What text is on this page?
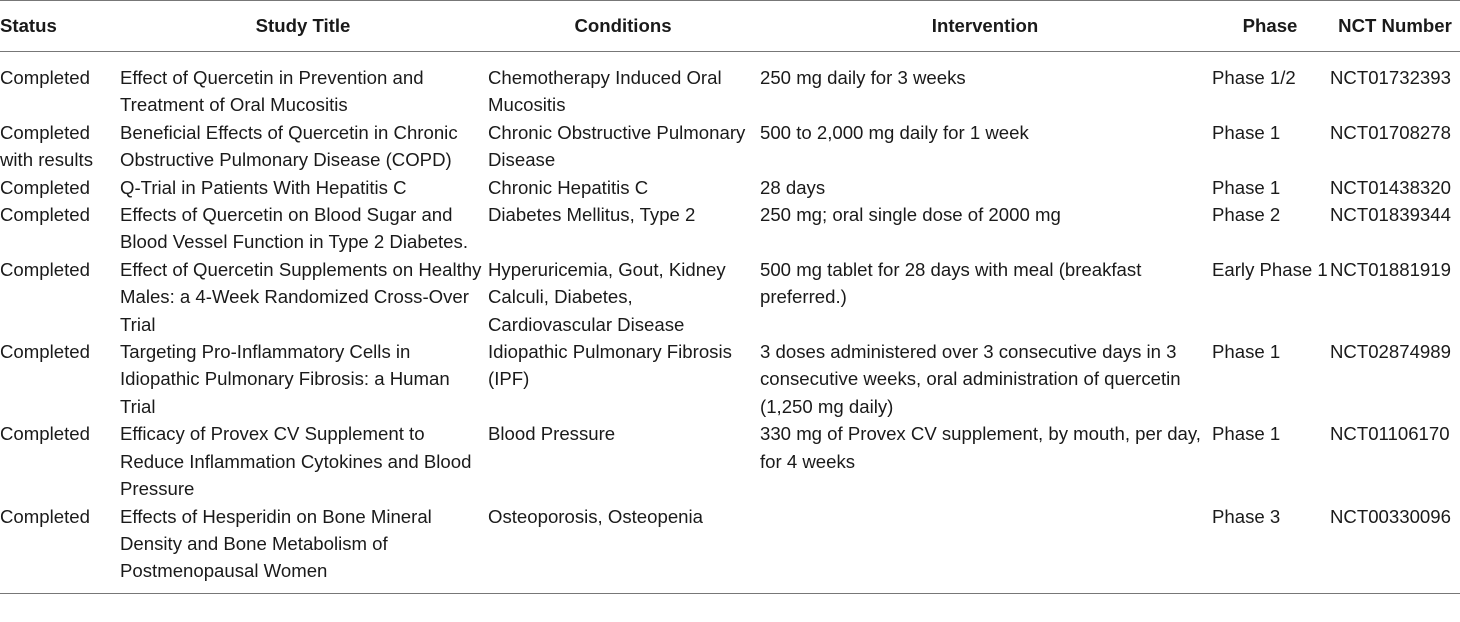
Status	Study Title	Conditions	Intervention	Phase	NCT Number
Completed	Effect of Quercetin in Prevention and Treatment of Oral Mucositis	Chemotherapy Induced Oral Mucositis	250 mg daily for 3 weeks	Phase 1/2	NCT01732393
Completed with results	Beneficial Effects of Quercetin in Chronic Obstructive Pulmonary Disease (COPD)	Chronic Obstructive Pulmonary Disease	500 to 2,000 mg daily for 1 week	Phase 1	NCT01708278
Completed	Q-Trial in Patients With Hepatitis C	Chronic Hepatitis C	28 days	Phase 1	NCT01438320
Completed	Effects of Quercetin on Blood Sugar and Blood Vessel Function in Type 2 Diabetes.	Diabetes Mellitus, Type 2	250 mg; oral single dose of 2000 mg	Phase 2	NCT01839344
Completed	Effect of Quercetin Supplements on Healthy Males: a 4-Week Randomized Cross-Over Trial	Hyperuricemia, Gout, Kidney Calculi, Diabetes, Cardiovascular Disease	500 mg tablet for 28 days with meal (breakfast preferred.)	Early Phase 1	NCT01881919
Completed	Targeting Pro-Inflammatory Cells in Idiopathic Pulmonary Fibrosis: a Human Trial	Idiopathic Pulmonary Fibrosis (IPF)	3 doses administered over 3 consecutive days in 3 consecutive weeks, oral administration of quercetin (1,250 mg daily)	Phase 1	NCT02874989
Completed	Efficacy of Provex CV Supplement to Reduce Inflammation Cytokines and Blood Pressure	Blood Pressure	330 mg of Provex CV supplement, by mouth, per day, for 4 weeks	Phase 1	NCT01106170
Completed	Effects of Hesperidin on Bone Mineral Density and Bone Metabolism of Postmenopausal Women	Osteoporosis, Osteopenia		Phase 3	NCT00330096
